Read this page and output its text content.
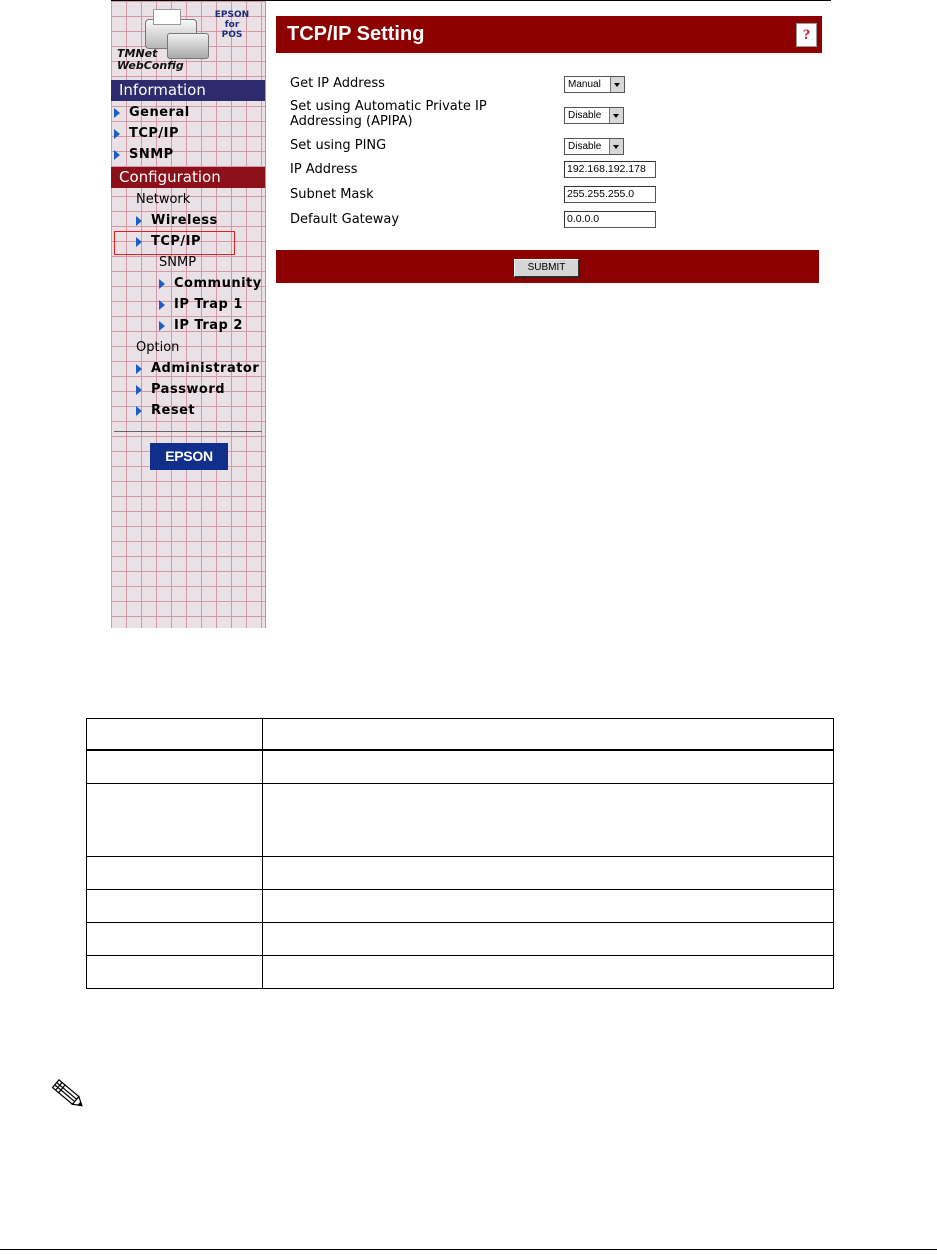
EPSON
for
POS
TMNet
WebConfig
Information
General
TCP/IP
SNMP
Configuration
Network
Wireless
TCP/IP
SNMP
Community
IP Trap 1
IP Trap 2
Option
Administrator
Password
Reset
EPSON
TCP/IP Setting	?
Get IP Address	Manual
Set using Automatic Private IP
Addressing (APIPA)	Disable
Set using PING	Disable
IP Address	192.168.192.178
Subnet Mask	255.255.255.0
Default Gateway	0.0.0.0
SUBMIT
